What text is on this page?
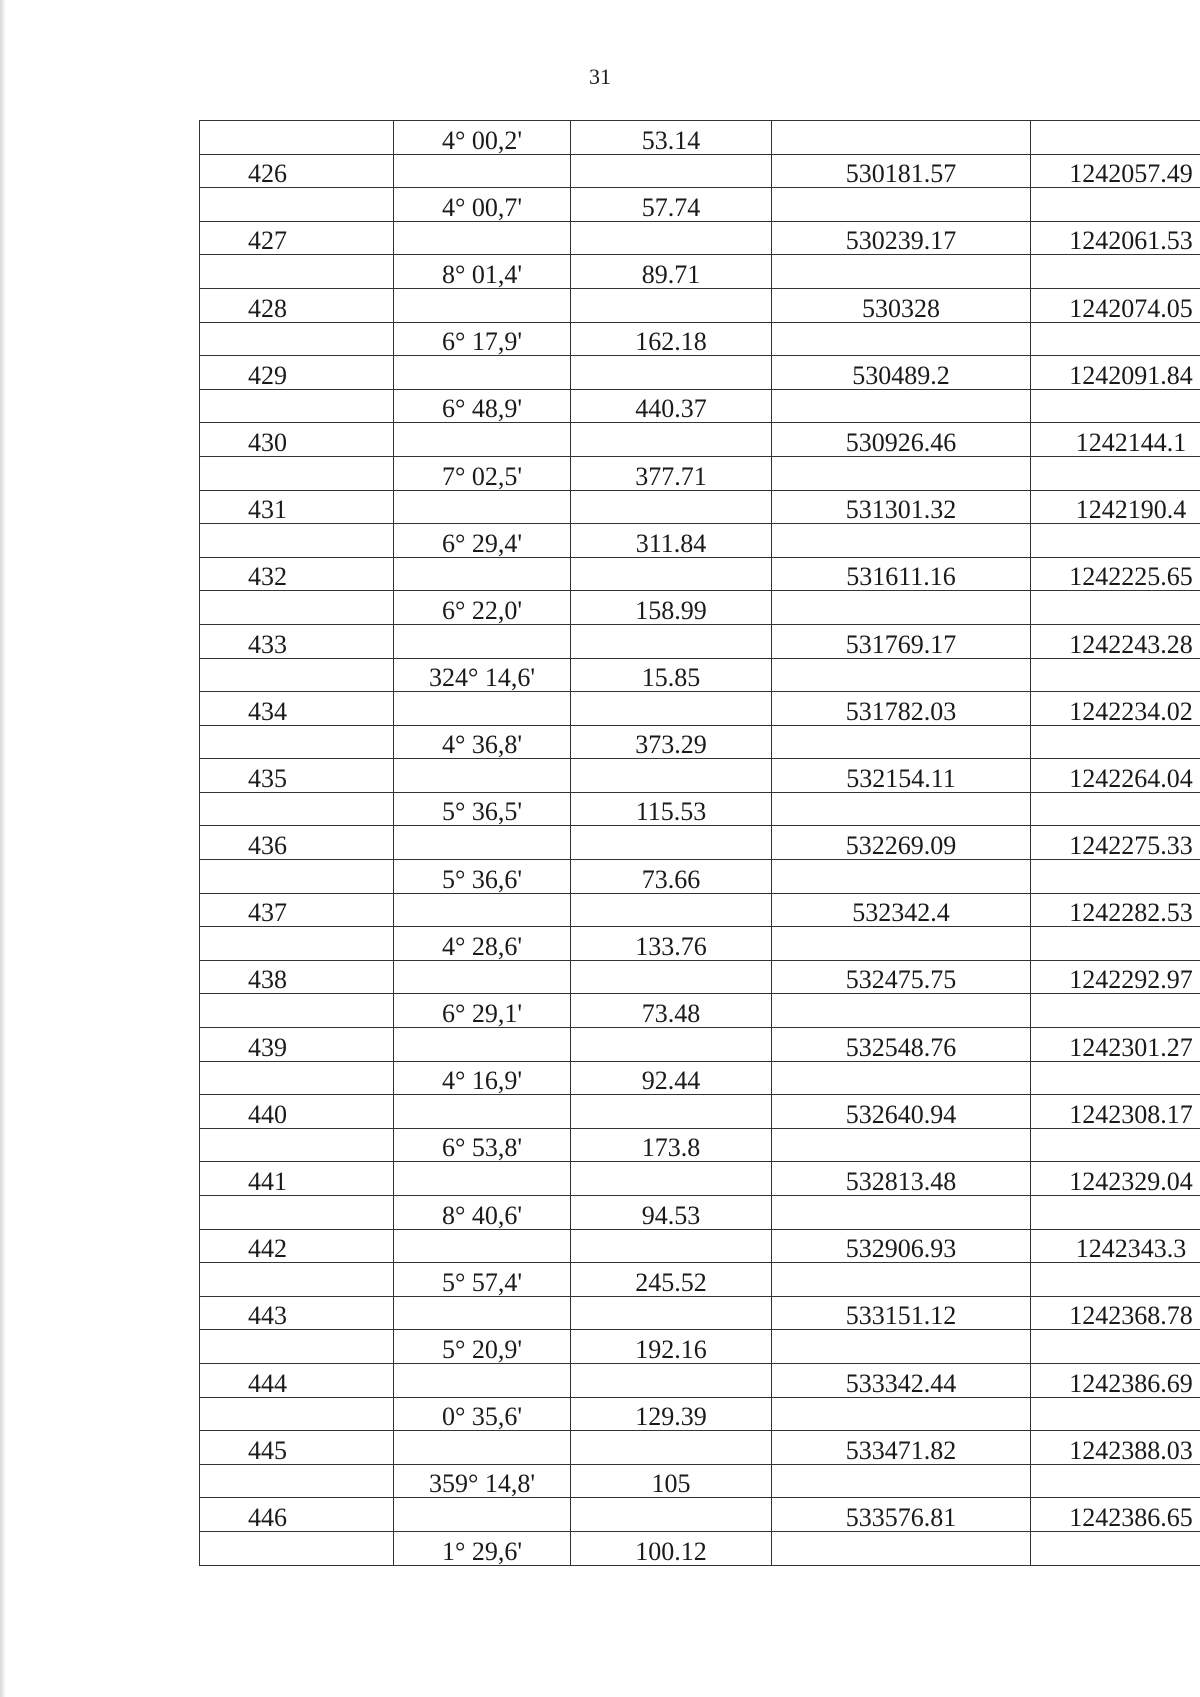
31
	4° 00,2'	53.14		
426			530181.57	1242057.49
	4° 00,7'	57.74		
427			530239.17	1242061.53
	8° 01,4'	89.71		
428			530328	1242074.05
	6° 17,9'	162.18		
429			530489.2	1242091.84
	6° 48,9'	440.37		
430			530926.46	1242144.1
	7° 02,5'	377.71		
431			531301.32	1242190.4
	6° 29,4'	311.84		
432			531611.16	1242225.65
	6° 22,0'	158.99		
433			531769.17	1242243.28
	324° 14,6'	15.85		
434			531782.03	1242234.02
	4° 36,8'	373.29		
435			532154.11	1242264.04
	5° 36,5'	115.53		
436			532269.09	1242275.33
	5° 36,6'	73.66		
437			532342.4	1242282.53
	4° 28,6'	133.76		
438			532475.75	1242292.97
	6° 29,1'	73.48		
439			532548.76	1242301.27
	4° 16,9'	92.44		
440			532640.94	1242308.17
	6° 53,8'	173.8		
441			532813.48	1242329.04
	8° 40,6'	94.53		
442			532906.93	1242343.3
	5° 57,4'	245.52		
443			533151.12	1242368.78
	5° 20,9'	192.16		
444			533342.44	1242386.69
	0° 35,6'	129.39		
445			533471.82	1242388.03
	359° 14,8'	105		
446			533576.81	1242386.65
	1° 29,6'	100.12		
